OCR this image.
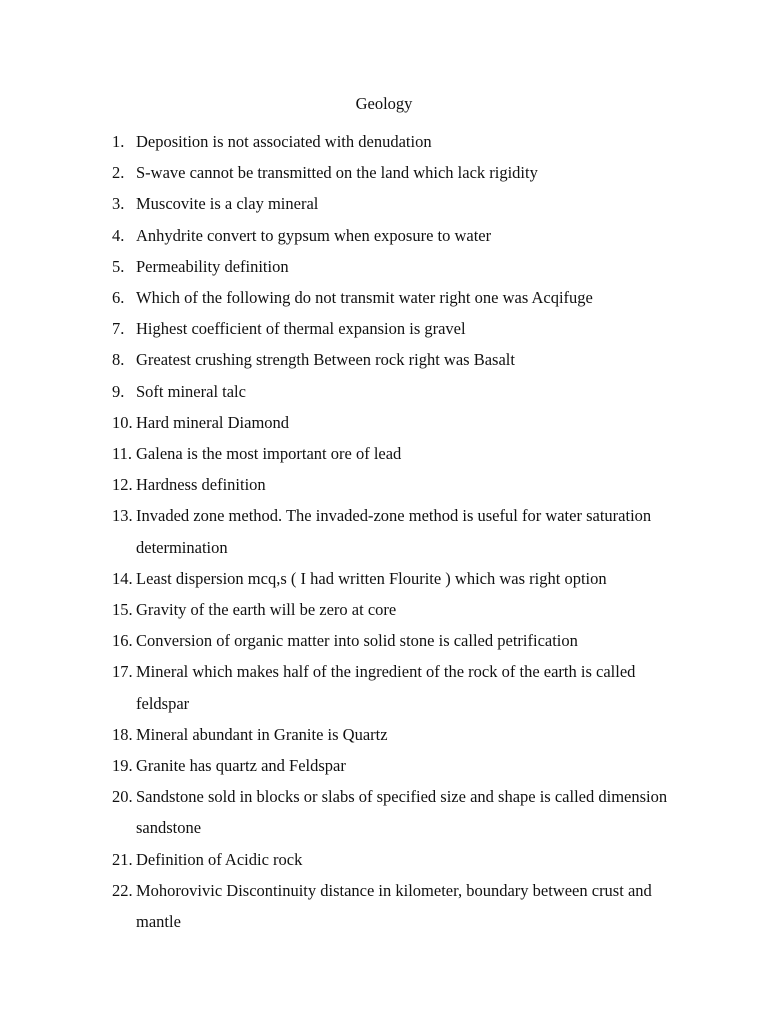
Geology
1. Deposition is not associated with denudation
2. S-wave cannot be transmitted on the land which lack rigidity
3. Muscovite is a clay mineral
4. Anhydrite convert to gypsum when exposure to water
5. Permeability definition
6. Which of the following do not transmit water right one was Acqifuge
7. Highest coefficient of thermal expansion is gravel
8. Greatest crushing strength Between rock right was Basalt
9. Soft mineral talc
10. Hard mineral Diamond
11. Galena is the most important ore of lead
12. Hardness definition
13. Invaded zone method. The invaded-zone method is useful for water saturation determination
14. Least dispersion mcq,s ( I had written Flourite ) which was right option
15. Gravity of the earth will be zero at core
16. Conversion of organic matter into solid stone is called petrification
17. Mineral which makes half of the ingredient of the rock of the earth is called feldspar
18. Mineral abundant in Granite is Quartz
19. Granite has quartz and Feldspar
20. Sandstone sold in blocks or slabs of specified size and shape is called dimension sandstone
21. Definition of Acidic rock
22. Mohorovivic Discontinuity distance in kilometer, boundary between crust and mantle
